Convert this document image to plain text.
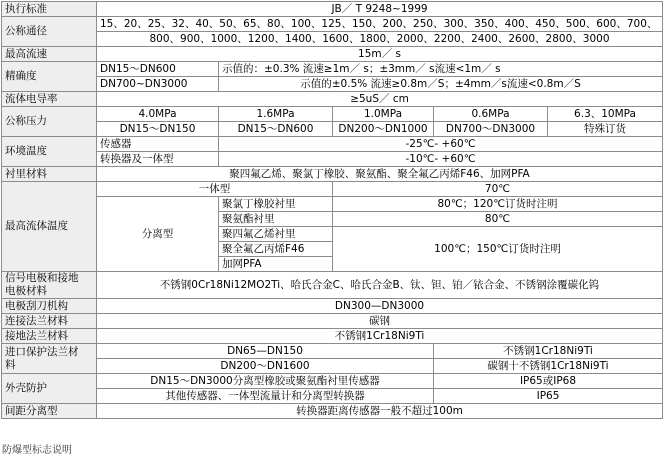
执行标准	JB／ T 9248~1999				
公称通径	15、20、25、32、40、50、65、80、100、125、150、200、250、300、350、400、450、500、600、700、				
	800、900、1000、1200、1400、1600、1800、2000、2200、2400、2600、2800、3000				
最高流速	15m／ s				
精确度	DN15～DN600	示值的：±0.3% 流速≥1m／ s；±3mm／ s流速<1m／ s			
	DN700~DN3000	示值的±0.5% 流速≥0.8m／S；±4mm／s流速<0.8m／S			
流体电导率	≥5uS／ cm				
公称压力	4.0MPa	1.6MPa	1.0MPa	0.6MPa	6.3、10MPa
	DN15～DN150	DN15～DN600	DN200～DN1000	DN700～DN3000	特殊订货
环境温度	传感器	-25℃- +60℃			
	转换器及一体型	-10℃- +60℃			
衬里材料	聚四氟乙烯、聚氯丁橡胶、聚氨酯、聚全氟乙丙烯F46、加网PFA				
最高流体温度	一体型		70℃		
	分离型	聚氯丁橡胶衬里	80℃；120℃订货时注明		
		聚氨酯衬里	80℃		
		聚四氟乙烯衬里	100℃；150℃订货时注明		
		聚全氟乙丙烯F46			
		加网PFA			
信号电极和接地
电极材料	不锈钢0Cr18Ni12MO2Ti、哈氏合金C、哈氏合金B、钛、钽、铂／铱合金、不锈钢涂覆碳化钨				
电极刮刀机构	DN300—DN3000				
连接法兰材料	碳钢				
接地法兰材料	不锈钢1Cr18Ni9Ti				
进口保护法兰材
料	DN65—DN150			不锈钢1Cr18Ni9Ti	
	DN200～DN1600			碳钢十不锈钢1Cr18Ni9Ti	
外壳防护	DN15～DN3000分离型橡胶或聚氨酯衬里传感器			IP65或IP68	
	其他传感器、一体型流量计和分离型转换器			IP65	
间距分离型	转换器距离传感器一般不超过100m				
防爆型标志说明
